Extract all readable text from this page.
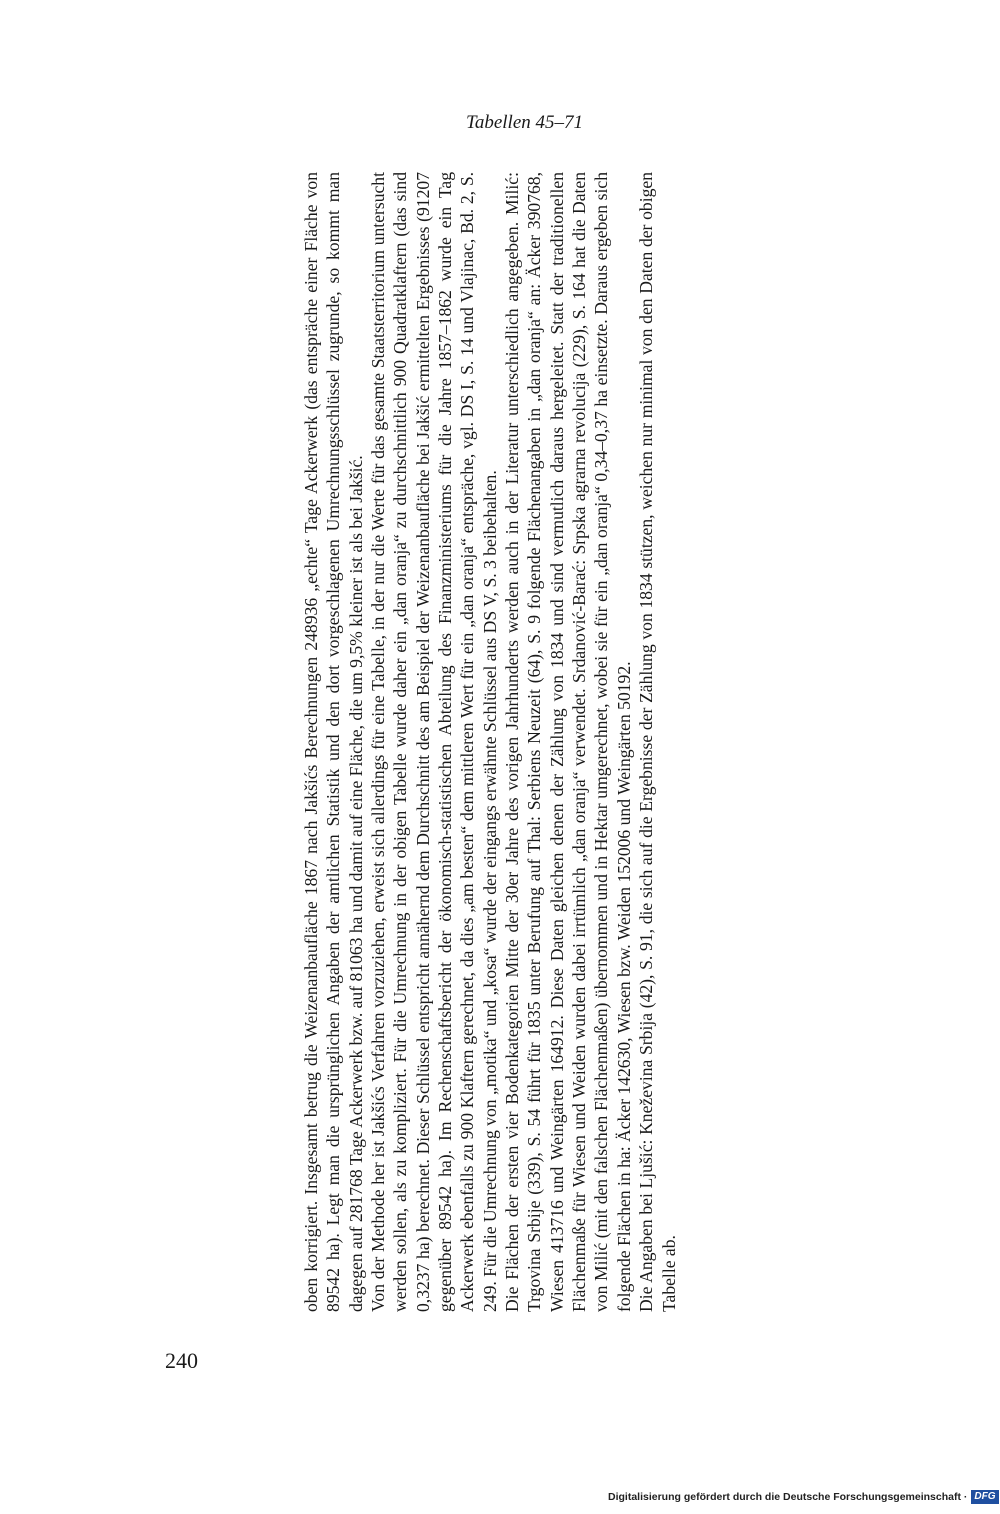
Tabellen 45–71

oben korrigiert. Insgesamt betrug die Weizenanbaufläche 1867 nach Jakšićs Berechnungen 248936 „echte“ Tage Ackerwerk (das entspräche einer Fläche von 89542 ha). Legt man die ursprünglichen Angaben der amtlichen Statistik und den dort vorgeschlagenen Umrechnungsschlüssel zugrunde, so kommt man dagegen auf 281768 Tage Ackerwerk bzw. auf 81063 ha und damit auf eine Fläche, die um 9,5% kleiner ist als bei Jakšić. Von der Methode her ist Jakšićs Verfahren vorzuziehen, erweist sich allerdings für eine Tabelle, in der nur die Werte für das gesamte Staatsterritorium untersucht werden sollen, als zu kompliziert. Für die Umrechnung in der obigen Tabelle wurde daher ein „dan oranja“ zu durchschnittlich 900 Quadratklaftern (das sind 0,3237 ha) berechnet. Dieser Schlüssel entspricht annähernd dem Durchschnitt des am Beispiel der Weizenanbaufläche bei Jakšić ermittelten Ergebnisses (91207 gegenüber 89542 ha). Im Rechenschaftsbericht der ökonomisch-statistischen Abteilung des Finanzministeriums für die Jahre 1857–1862 wurde ein Tag Ackerwerk ebenfalls zu 900 Klaftern gerechnet, da dies „am besten“ dem mittleren Wert für ein „dan oranja“ entspräche, vgl. DS I, S. 14 und Vlajinac, Bd. 2, S. 249. Für die Umrechnung von „motika“ und „kosa“ wurde der eingangs erwähnte Schlüssel aus DS V, S. 3 beibehalten. Die Flächen der ersten vier Bodenkategorien Mitte der 30er Jahre des vorigen Jahrhunderts werden auch in der Literatur unterschiedlich angegeben. Milić: Trgovina Srbije (339), S. 54 führt für 1835 unter Berufung auf Thal: Serbiens Neuzeit (64), S. 9 folgende Flächenangaben in „dan oranja“ an: Äcker 390768, Wiesen 413716 und Weingärten 164912. Diese Daten gleichen denen der Zählung von 1834 und sind vermutlich daraus hergeleitet. Statt der traditionellen Flächenmaße für Wiesen und Weiden wurden dabei irrtümlich „dan oranja“ verwendet. Srdanović-Barać: Srpska agrarna revolucija (229), S. 164 hat die Daten von Milić (mit den falschen Flächenmaßen) übernommen und in Hektar umgerechnet, wobei sie für ein „dan oranja“ 0,34–0,37 ha einsetzte. Daraus ergeben sich folgende Flächen in ha: Äcker 142630, Wiesen bzw. Weiden 152006 und Weingärten 50192. Die Angaben bei Ljušić: Kneževina Srbija (42), S. 91, die sich auf die Ergebnisse der Zählung von 1834 stützen, weichen nur minimal von den Daten der obigen Tabelle ab.

240
Digitalisierung gefördert durch die Deutsche Forschungsgemeinschaft · DFG
